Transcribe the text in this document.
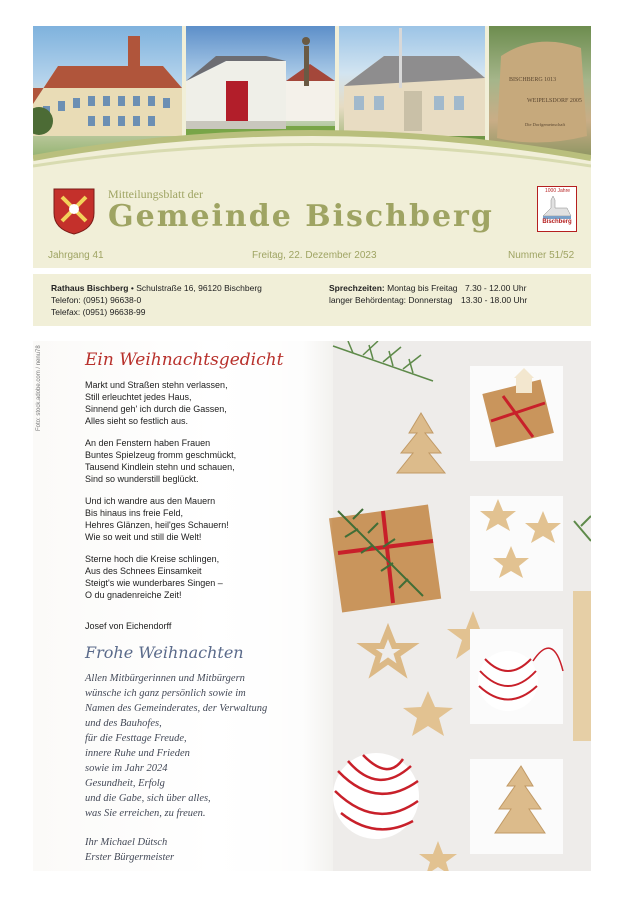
BISCHBERG 1013
WEIPELSDORF 2005
Die Dorfgemeinschaft
1000 Jahre
Bischberg
Mitteilungsblatt der
Gemeinde Bischberg
Jahrgang 41	Freitag, 22. Dezember 2023	Nummer 51/52
Rathaus Bischberg • Schulstraße 16, 96120 Bischberg
Telefon: (0951) 96638-0
Telefax: (0951) 96638-99
Sprechzeiten: Montag bis Freitag 7.30 - 12.00 Uhr
langer Behördentag: Donnerstag 13.30 - 18.00 Uhr
Foto: stock.adobe.com / nenu78	Ein Weihnachtsgedicht
Markt und Straßen stehn verlassen,
Still erleuchtet jedes Haus,
Sinnend geh' ich durch die Gassen,
Alles sieht so festlich aus.
An den Fenstern haben Frauen
Buntes Spielzeug fromm geschmückt,
Tausend Kindlein stehn und schauen,
Sind so wunderstill beglückt.
Und ich wandre aus den Mauern
Bis hinaus ins freie Feld,
Hehres Glänzen, heil'ges Schauern!
Wie so weit und still die Welt!
Sterne hoch die Kreise schlingen,
Aus des Schnees Einsamkeit
Steigt's wie wunderbares Singen –
O du gnadenreiche Zeit!
Josef von Eichendorff
Frohe Weihnachten
Allen Mitbürgerinnen und Mitbürgern
wünsche ich ganz persönlich sowie im
Namen des Gemeinderates, der Verwaltung
und des Bauhofes,
für die Festtage Freude,
innere Ruhe und Frieden
sowie im Jahr 2024
Gesundheit, Erfolg
und die Gabe, sich über alles,
was Sie erreichen, zu freuen.
Ihr Michael Dütsch
Erster Bürgermeister
